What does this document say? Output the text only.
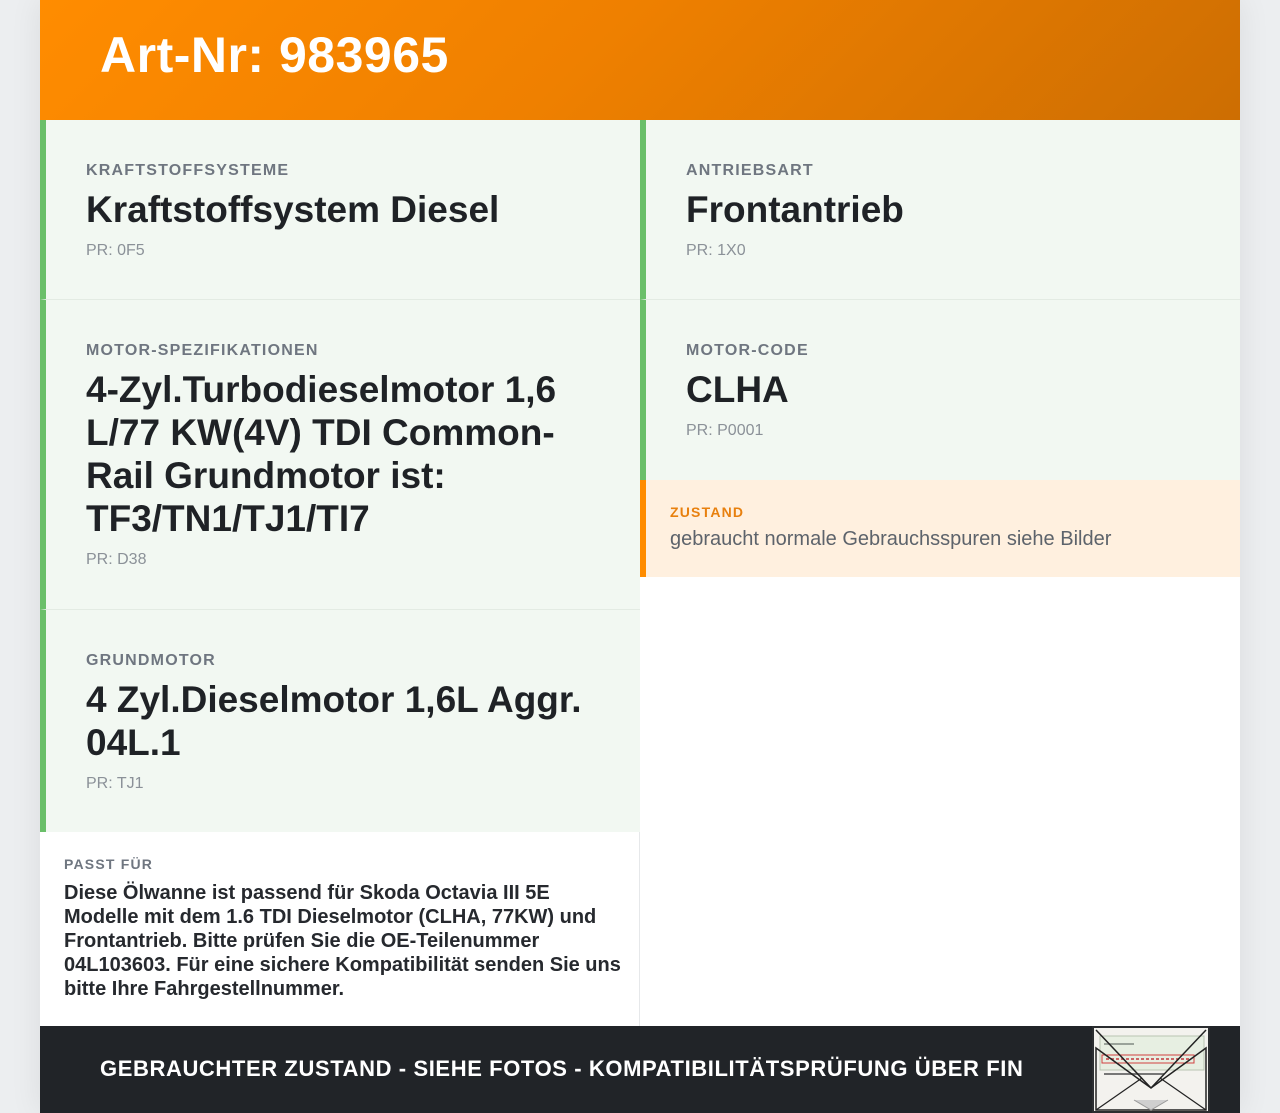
Art-Nr: 983965
KRAFTSTOFFSYSTEME
Kraftstoffsystem Diesel
PR: 0F5
MOTOR-SPEZIFIKATIONEN
4-Zyl.Turbodieselmotor 1,6 L/77 KW(4V) TDI Common-Rail Grundmotor ist: TF3/TN1/TJ1/TI7
PR: D38
GRUNDMOTOR
4 Zyl.Dieselmotor 1,6L Aggr. 04L.1
PR: TJ1
ANTRIEBSART
Frontantrieb
PR: 1X0
MOTOR-CODE
CLHA
PR: P0001
ZUSTAND
gebraucht normale Gebrauchsspuren siehe Bilder
PASST FÜR
Diese Ölwanne ist passend für Skoda Octavia III 5E Modelle mit dem 1.6 TDI Dieselmotor (CLHA, 77KW) und Frontantrieb. Bitte prüfen Sie die OE-Teilenummer 04L103603. Für eine sichere Kompatibilität senden Sie uns bitte Ihre Fahrgestellnummer.
GEBRAUCHTER ZUSTAND - SIEHE FOTOS - KOMPATIBILITÄTSPRÜFUNG ÜBER FIN
